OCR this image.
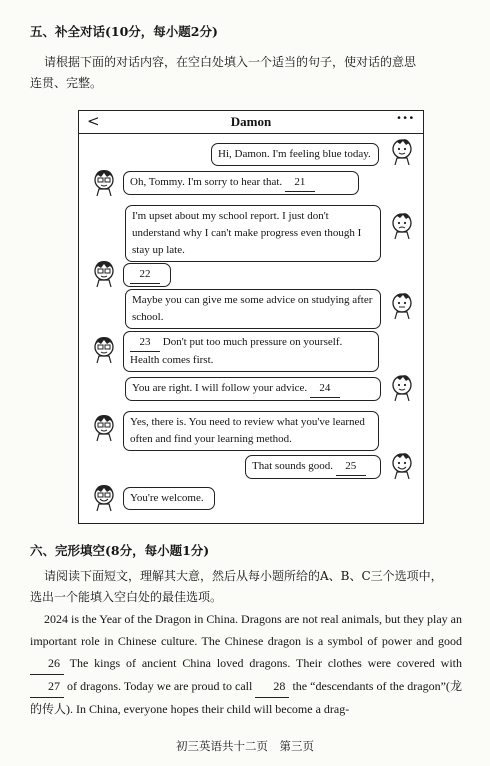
五、补全对话(10分，每小题2分)
请根据下面的对话内容，在空白处填入一个适当的句子，使对话的意思
连贯、完整。
<	Damon	···
Hi, Damon. I'm feeling blue today.
Oh, Tommy. I'm sorry to hear that. 21
I'm upset about my school report. I just don't understand why I can't make progress even though I stay up late.
22
Maybe you can give me some advice on studying after school.
23 Don't put too much pressure on yourself. Health comes first.
You are right. I will follow your advice. 24
Yes, there is. You need to review what you've learned often and find your learning method.
That sounds good. 25
You're welcome.
六、完形填空(8分，每小题1分)
请阅读下面短文，理解其大意，然后从每小题所给的A、B、C三个选项中，
选出一个能填入空白处的最佳选项。
2024 is the Year of the Dragon in China. Dragons are not real animals, but they play an important role in Chinese culture. The Chinese dragon is a symbol of power and good 26 The kings of ancient China loved dragons. Their clothes were covered with 27 of dragons. Today we are proud to call 28 the “descendants of the dragon”(龙的传人). In China, everyone hopes their child will become a drag-
初三英语共十二页　第三页
